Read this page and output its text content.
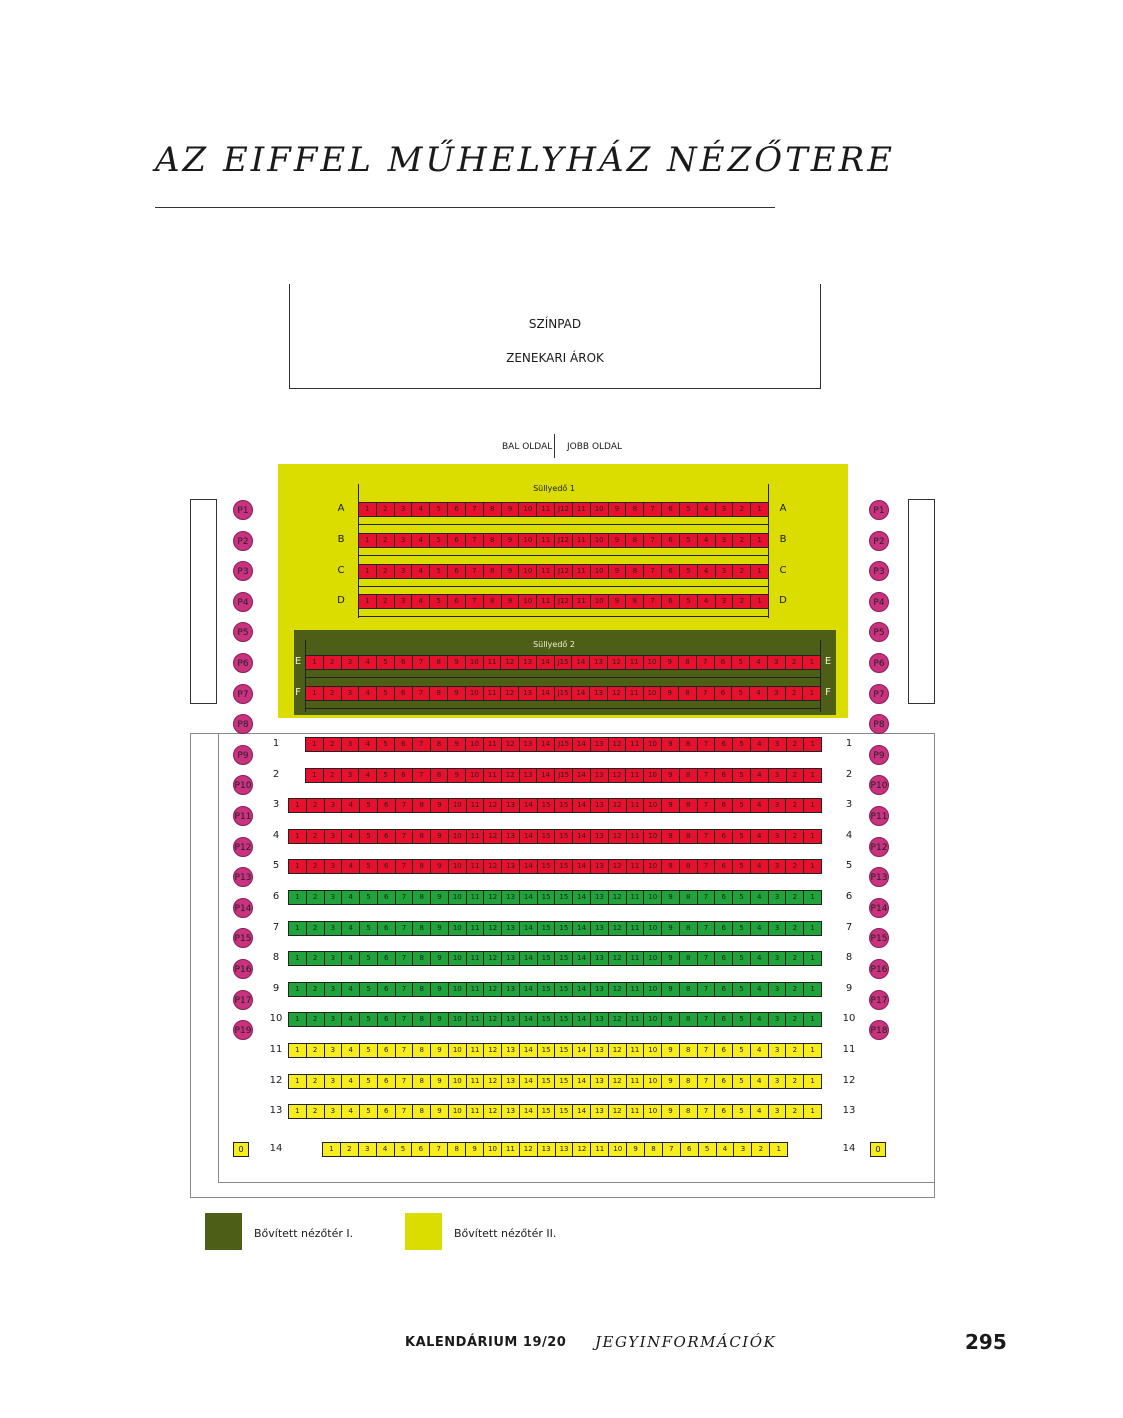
AZ EIFFEL MŰHELYHÁZ NÉZŐTERE
SZÍNPAD
ZENEKARI ÁROK
BAL OLDAL JOBB OLDAL
Süllyedő 1
Süllyedő 2
A	A
1	2	3	4	5	6	7	8	9	10	11	J12	11	10	9	8	7	6	5	4	3	2	1
B	B
1	2	3	4	5	6	7	8	9	10	11	J12	11	10	9	8	7	6	5	4	3	2	1
C	C
1	2	3	4	5	6	7	8	9	10	11	J12	11	10	9	8	7	6	5	4	3	2	1
D	D
1	2	3	4	5	6	7	8	9	10	11	J12	11	10	9	8	7	6	5	4	3	2	1
E	E
1	2	3	4	5	6	7	8	9	10	11	12	13	14	J15	14	13	12	11	10	9	8	7	6	5	4	3	2	1
F	F
1	2	3	4	5	6	7	8	9	10	11	12	13	14	J15	14	13	12	11	10	9	8	7	6	5	4	3	2	1
1	1
1	2	3	4	5	6	7	8	9	10	11	12	13	14	J15	14	13	12	11	10	9	8	7	6	5	4	3	2	1
2	2
1	2	3	4	5	6	7	8	9	10	11	12	13	14	J15	14	13	12	11	10	9	8	7	6	5	4	3	2	1
3	3
1	2	3	4	5	6	7	8	9	10	11	12	13	14	15	15	14	13	12	11	10	9	8	7	6	5	4	3	2	1
4	4
1	2	3	4	5	6	7	8	9	10	11	12	13	14	15	15	14	13	12	11	10	9	8	7	6	5	4	3	2	1
5	5
1	2	3	4	5	6	7	8	9	10	11	12	13	14	15	15	14	13	12	11	10	9	8	7	6	5	4	3	2	1
6	6
1	2	3	4	5	6	7	8	9	10	11	12	13	14	15	15	14	13	12	11	10	9	8	7	6	5	4	3	2	1
7	7
1	2	3	4	5	6	7	8	9	10	11	12	13	14	15	15	14	13	12	11	10	9	8	7	6	5	4	3	2	1
8	8
1	2	3	4	5	6	7	8	9	10	11	12	13	14	15	15	14	13	12	11	10	9	8	7	6	5	4	3	2	1
9	9
1	2	3	4	5	6	7	8	9	10	11	12	13	14	15	15	14	13	12	11	10	9	8	7	6	5	4	3	2	1
10	10
1	2	3	4	5	6	7	8	9	10	11	12	13	14	15	15	14	13	12	11	10	9	8	7	6	5	4	3	2	1
11	11
1	2	3	4	5	6	7	8	9	10	11	12	13	14	15	15	14	13	12	11	10	9	8	7	6	5	4	3	2	1
12	12
1	2	3	4	5	6	7	8	9	10	11	12	13	14	15	15	14	13	12	11	10	9	8	7	6	5	4	3	2	1
13	13
1	2	3	4	5	6	7	8	9	10	11	12	13	14	15	15	14	13	12	11	10	9	8	7	6	5	4	3	2	1
14	14
1	2	3	4	5	6	7	8	9	10	11	12	13	13	12	11	10	9	8	7	6	5	4	3	2	1
P1
P2
P3
P4
P5
P6
P7
P8
P9
P10
P11
P12
P13
P14
P15
P16
P17
P19
P1
P2
P3
P4
P5
P6
P7
P8
P9
P10
P11
P12
P13
P14
P15
P16
P17
P18
0	0
Bővített nézőtér I.	Bővített nézőtér II.
KALENDÁRIUM 19/20 JEGYINFORMÁCIÓK	295
